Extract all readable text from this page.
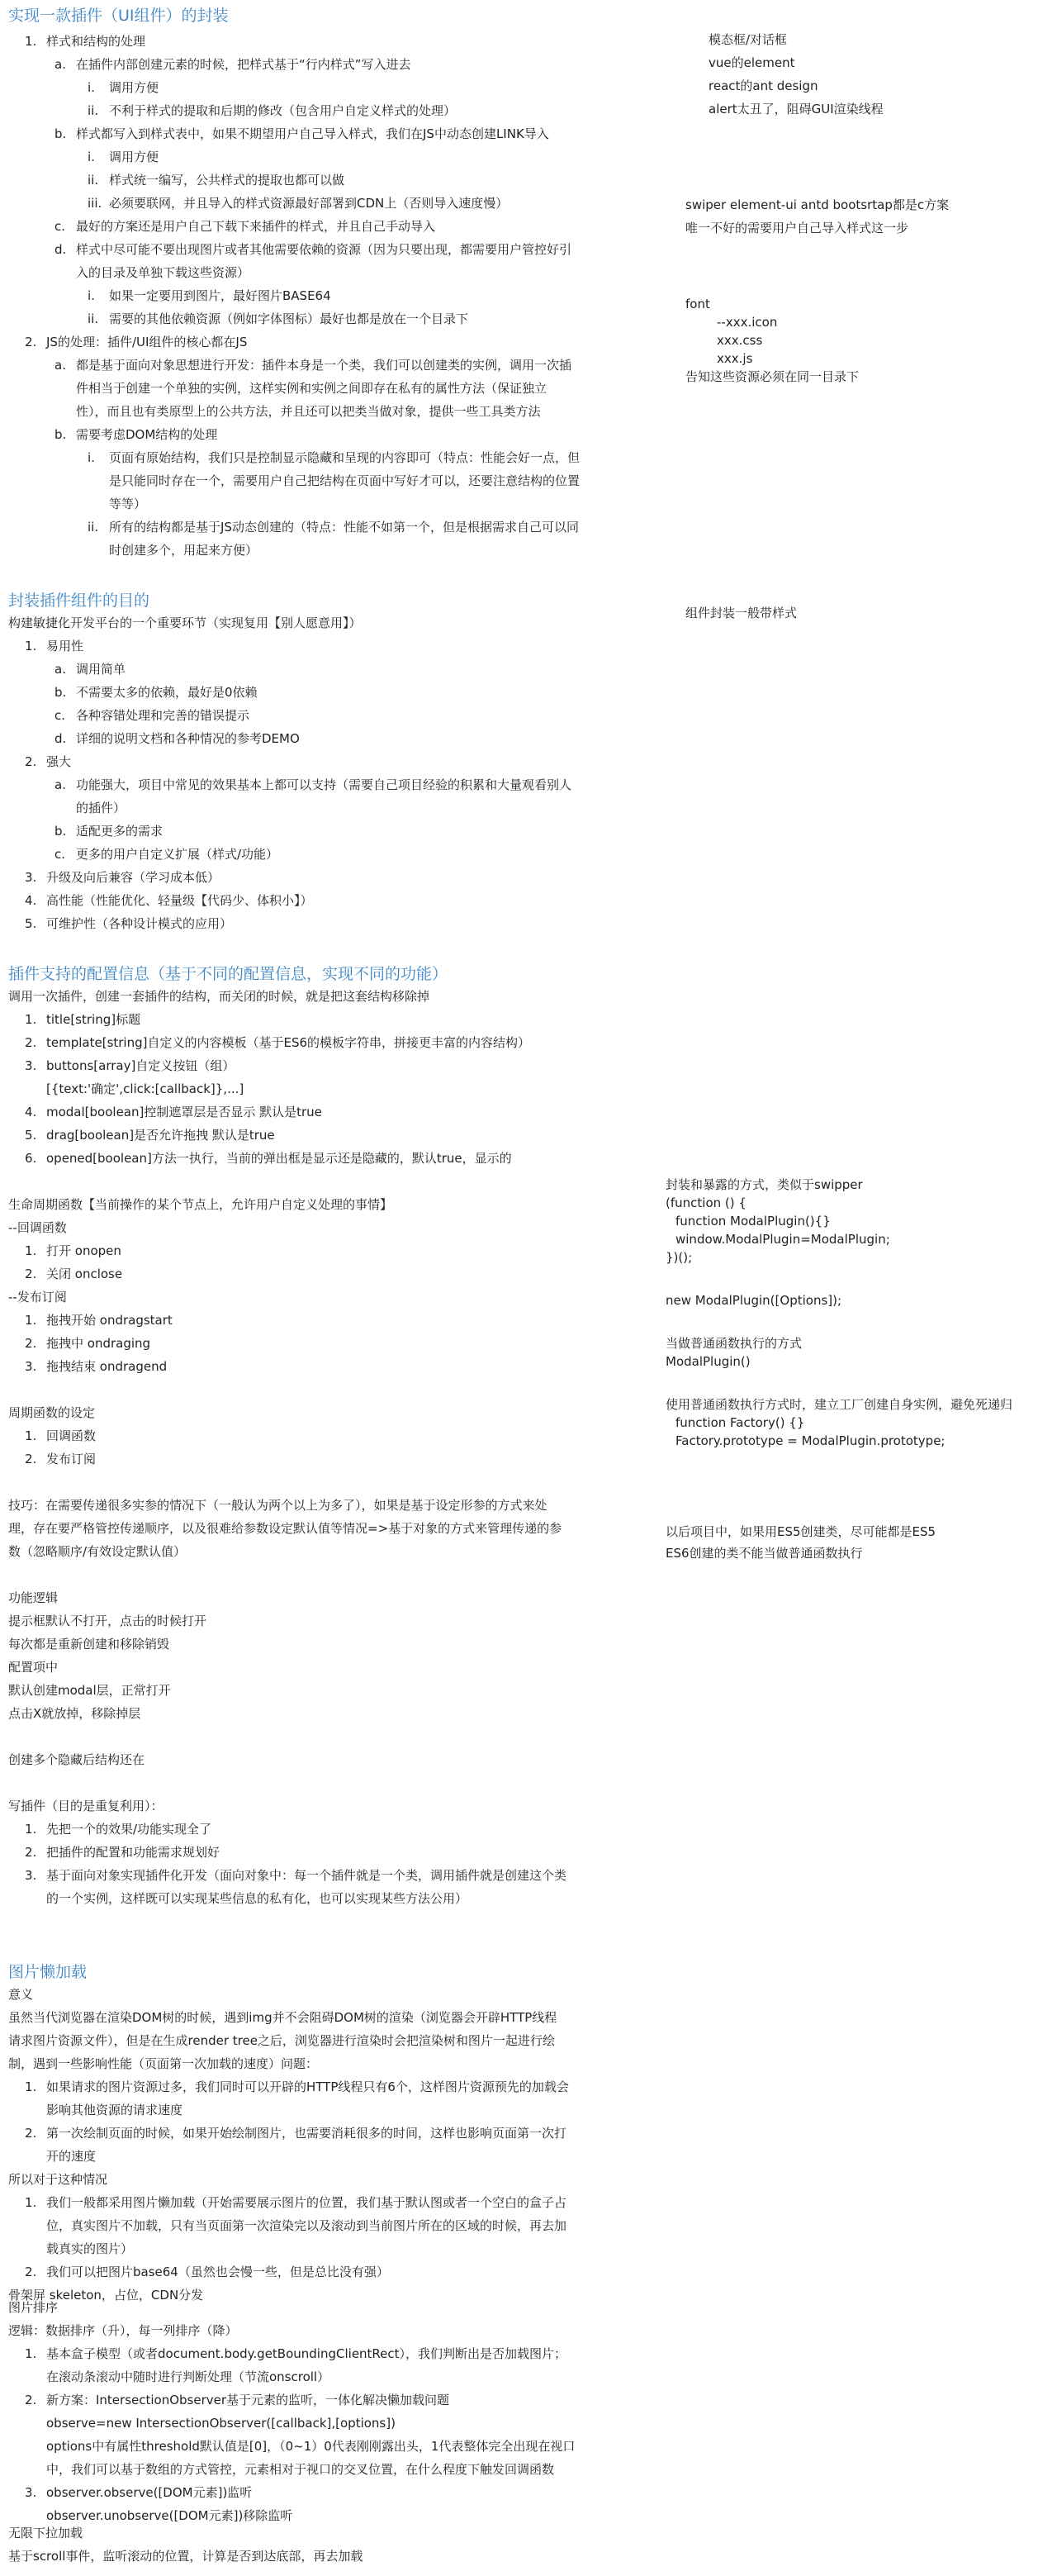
实现一款插件（UI组件）的封装
1. 样式和结构的处理
a. 在插件内部创建元素的时候，把样式基于“行内样式”写入进去
i. 调用方便
ii. 不利于样式的提取和后期的修改（包含用户自定义样式的处理）
b. 样式都写入到样式表中，如果不期望用户自己导入样式，我们在JS中动态创建LINK导入
i. 调用方便
ii. 样式统一编写，公共样式的提取也都可以做
iii. 必须要联网，并且导入的样式资源最好部署到CDN上（否则导入速度慢）
c. 最好的方案还是用户自己下载下来插件的样式，并且自己手动导入
d. 样式中尽可能不要出现图片或者其他需要依赖的资源（因为只要出现，都需要用户管控好引
入的目录及单独下载这些资源）
i. 如果一定要用到图片，最好图片BASE64
ii. 需要的其他依赖资源（例如字体图标）最好也都是放在一个目录下
2. JS的处理：插件/UI组件的核心都在JS
a. 都是基于面向对象思想进行开发：插件本身是一个类，我们可以创建类的实例，调用一次插
件相当于创建一个单独的实例，这样实例和实例之间即存在私有的属性方法（保证独立
性），而且也有类原型上的公共方法，并且还可以把类当做对象，提供一些工具类方法
b. 需要考虑DOM结构的处理
i. 页面有原始结构，我们只是控制显示隐藏和呈现的内容即可（特点：性能会好一点，但
是只能同时存在一个，需要用户自己把结构在页面中写好才可以，还要注意结构的位置
等等）
ii. 所有的结构都是基于JS动态创建的（特点：性能不如第一个，但是根据需求自己可以同
时创建多个，用起来方便）
封装插件组件的目的
构建敏捷化开发平台的一个重要环节（实现复用【别人愿意用】）
1. 易用性
a. 调用简单
b. 不需要太多的依赖，最好是0依赖
c. 各种容错处理和完善的错误提示
d. 详细的说明文档和各种情况的参考DEMO
2. 强大
a. 功能强大，项目中常见的效果基本上都可以支持（需要自己项目经验的积累和大量观看别人
的插件）
b. 适配更多的需求
c. 更多的用户自定义扩展（样式/功能）
3. 升级及向后兼容（学习成本低）
4. 高性能（性能优化、轻量级【代码少、体积小】）
5. 可维护性（各种设计模式的应用）
插件支持的配置信息（基于不同的配置信息，实现不同的功能）
调用一次插件，创建一套插件的结构，而关闭的时候，就是把这套结构移除掉
1. title[string]标题
2. template[string]自定义的内容模板（基于ES6的模板字符串，拼接更丰富的内容结构）
3. buttons[array]自定义按钮（组）
[{text:'确定',click:[callback]},...]
4. modal[boolean]控制遮罩层是否显示 默认是true
5. drag[boolean]是否允许拖拽 默认是true
6. opened[boolean]方法一执行，当前的弹出框是显示还是隐藏的，默认true，显示的
生命周期函数【当前操作的某个节点上，允许用户自定义处理的事情】
--回调函数
1. 打开 onopen
2. 关闭 onclose
--发布订阅
1. 拖拽开始 ondragstart
2. 拖拽中 ondraging
3. 拖拽结束 ondragend
周期函数的设定
1. 回调函数
2. 发布订阅
技巧：在需要传递很多实参的情况下（一般认为两个以上为多了），如果是基于设定形参的方式来处
理，存在要严格管控传递顺序，以及很难给参数设定默认值等情况=>基于对象的方式来管理传递的参
数（忽略顺序/有效设定默认值）
功能逻辑
提示框默认不打开，点击的时候打开
每次都是重新创建和移除销毁
配置项中
默认创建modal层，正常打开
点击X就放掉，移除掉层
创建多个隐藏后结构还在
写插件（目的是重复利用）：
1. 先把一个的效果/功能实现全了
2. 把插件的配置和功能需求规划好
3. 基于面向对象实现插件化开发（面向对象中：每一个插件就是一个类，调用插件就是创建这个类
的一个实例，这样既可以实现某些信息的私有化，也可以实现某些方法公用）
图片懒加载
意义
虽然当代浏览器在渲染DOM树的时候，遇到img并不会阻碍DOM树的渲染（浏览器会开辟HTTP线程
请求图片资源文件），但是在生成render tree之后，浏览器进行渲染时会把渲染树和图片一起进行绘
制，遇到一些影响性能（页面第一次加载的速度）问题：
1. 如果请求的图片资源过多，我们同时可以开辟的HTTP线程只有6个，这样图片资源预先的加载会
影响其他资源的请求速度
2. 第一次绘制页面的时候，如果开始绘制图片，也需要消耗很多的时间，这样也影响页面第一次打
开的速度
所以对于这种情况
1. 我们一般都采用图片懒加载（开始需要展示图片的位置，我们基于默认图或者一个空白的盒子占
位，真实图片不加载，只有当页面第一次渲染完以及滚动到当前图片所在的区域的时候，再去加
载真实的图片）
2. 我们可以把图片base64（虽然也会慢一些，但是总比没有强）
骨架屏 skeleton，占位，CDN分发
图片排序
逻辑：数据排序（升），每一列排序（降）
1. 基本盒子模型（或者document.body.getBoundingClientRect），我们判断出是否加载图片；
在滚动条滚动中随时进行判断处理（节流onscroll）
2. 新方案：IntersectionObserver基于元素的监听，一体化解决懒加载问题
observe=new IntersectionObserver([callback],[options])
options中有属性threshold默认值是[0]，（0~1）0代表刚刚露出头，1代表整体完全出现在视口
中，我们可以基于数组的方式管控，元素相对于视口的交叉位置，在什么程度下触发回调函数
3. observer.observe([DOM元素])监听
observer.unobserve([DOM元素])移除监听
无限下拉加载
基于scroll事件，监听滚动的位置，计算是否到达底部，再去加载
模态框/对话框
vue的element
react的ant design
alert太丑了，阻碍GUI渲染线程
swiper element-ui antd bootsrtap都是c方案
唯一不好的需要用户自己导入样式这一步
font
--xxx.icon
xxx.css
xxx.js
告知这些资源必须在同一目录下
组件封装一般带样式
封装和暴露的方式，类似于swipper
(function () {
function ModalPlugin(){}
window.ModalPlugin=ModalPlugin;
})();
new ModalPlugin([Options]);
当做普通函数执行的方式
ModalPlugin()
使用普通函数执行方式时，建立工厂创建自身实例，避免死递归
function Factory() {}
Factory.prototype = ModalPlugin.prototype;
以后项目中，如果用ES5创建类，尽可能都是ES5
ES6创建的类不能当做普通函数执行
